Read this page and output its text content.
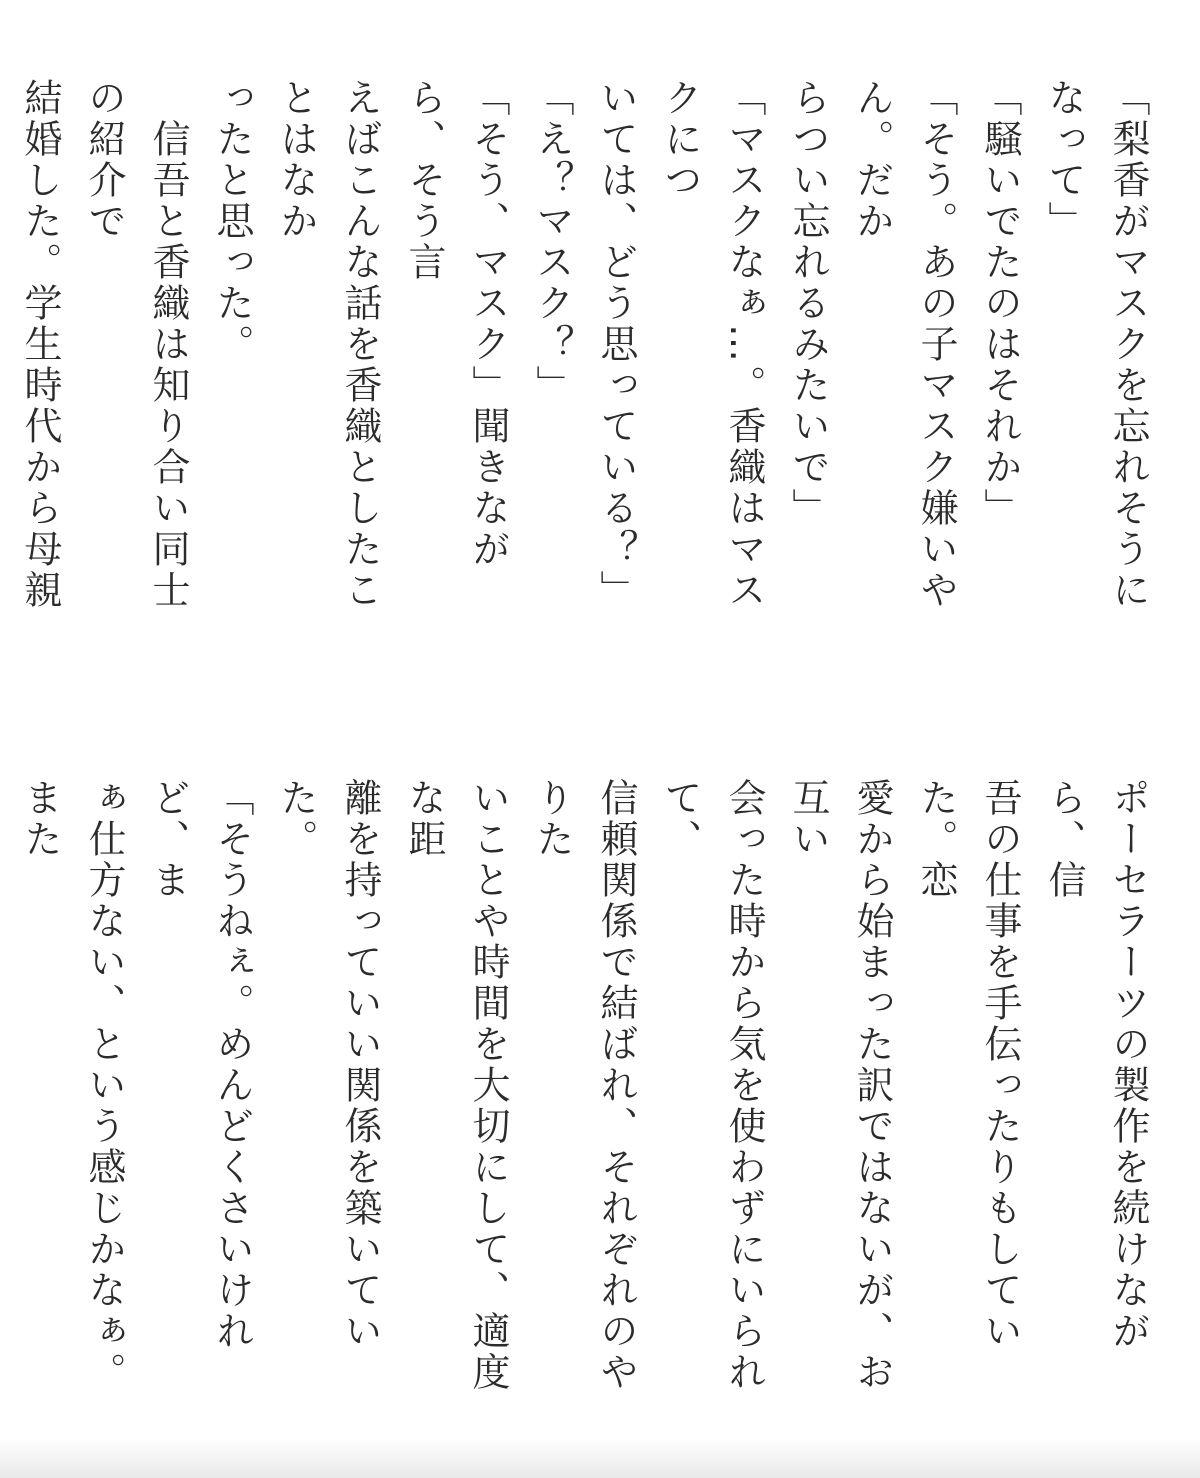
「梨香がマスクを忘れそうになって」
「騒いでたのはそれか」
「そう。あの子マスク嫌いやん。だか
らつい忘れるみたいで」
「マスクなぁ…。香織はマスクにつ
いては、どう思っている？」
「え？マスク？」
「そう、マスク」聞きながら、そう言
えばこんな話を香織としたことはなか
ったと思った。
　信吾と香織は知り合い同士の紹介で
結婚した。学生時代から母親
ポーセラーツの製作を続けながら、信
吾の仕事を手伝ったりもしていた。恋
愛から始まった訳ではないが、お互い
会った時から気を使わずにいられて、
信頼関係で結ばれ、それぞれのやりた
いことや時間を大切にして、適度な距
離を持っていい関係を築いていた。
「そうねぇ。めんどくさいけれど、ま
ぁ仕方ない、という感じかなぁ。また
